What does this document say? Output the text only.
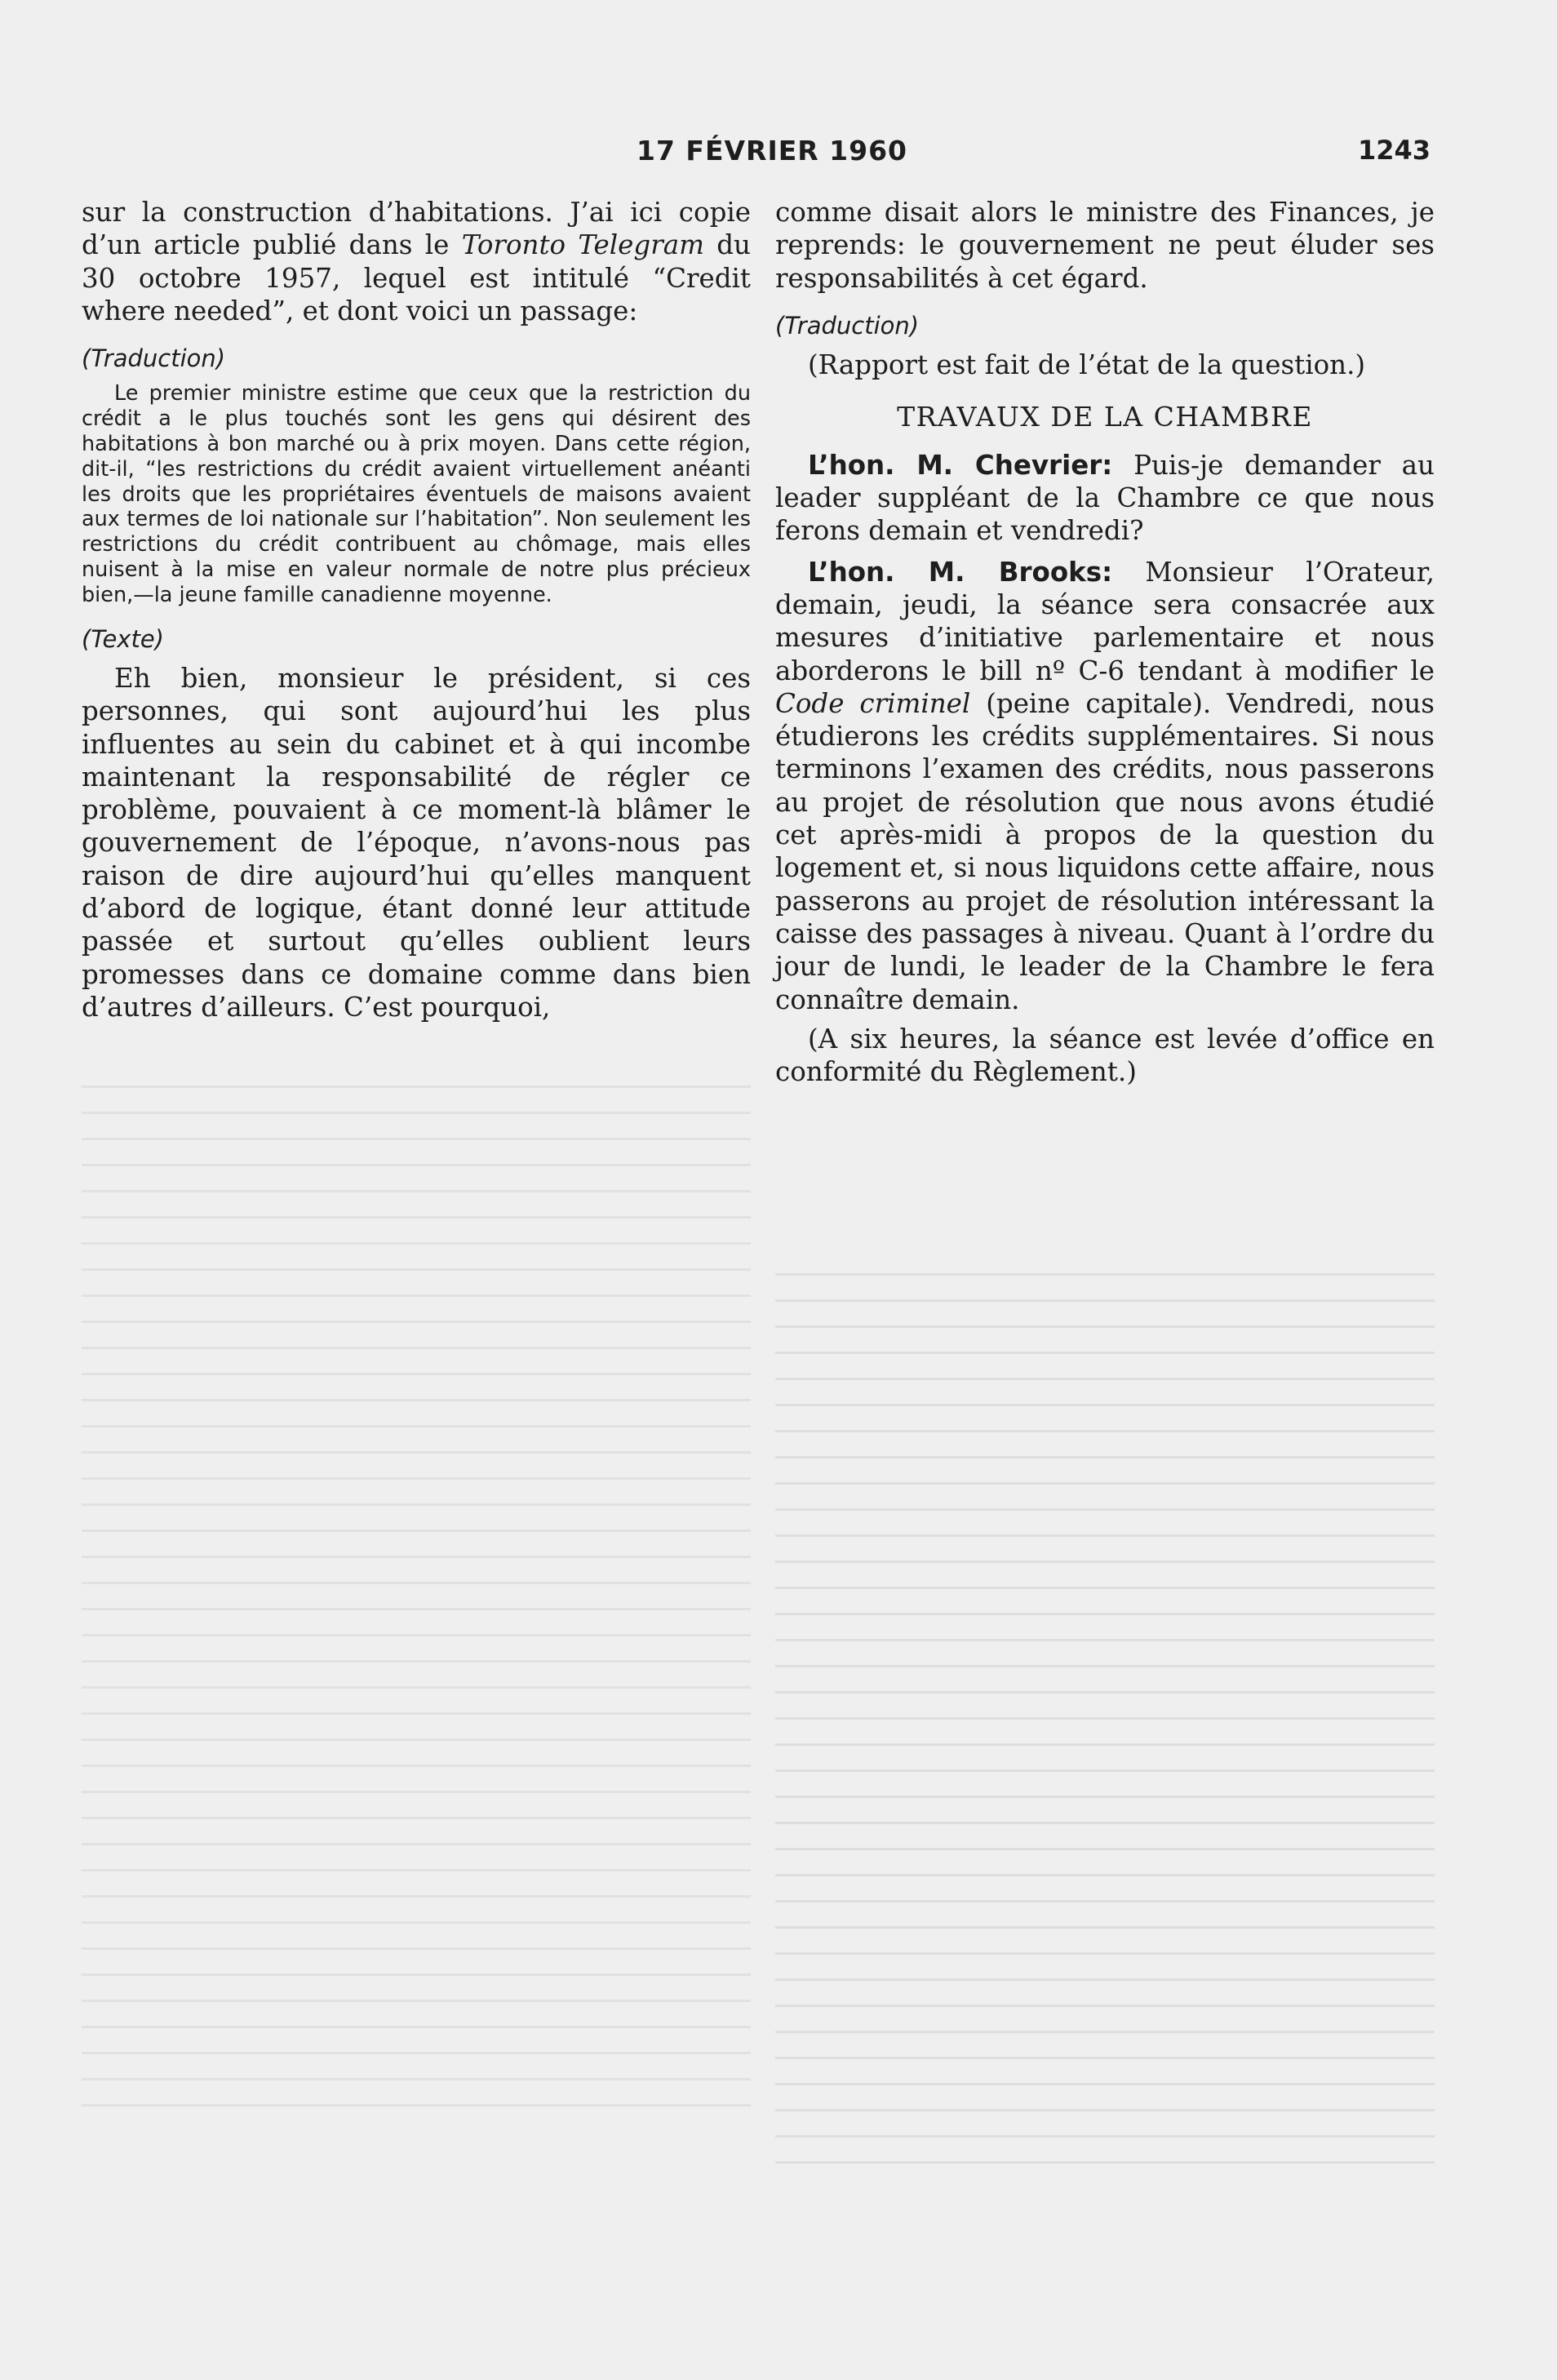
17 FÉVRIER 1960	1243

sur la construction d’habitations. J’ai ici copie d’un article publié dans le Toronto Telegram du 30 octobre 1957, lequel est intitulé “Credit where needed”, et dont voici un passage:

(Traduction)

Le premier ministre estime que ceux que la restriction du crédit a le plus touchés sont les gens qui désirent des habitations à bon marché ou à prix moyen. Dans cette région, dit-il, “les restrictions du crédit avaient virtuellement anéanti les droits que les propriétaires éventuels de maisons avaient aux termes de loi nationale sur l’habitation”. Non seulement les restrictions du crédit contribuent au chômage, mais elles nuisent à la mise en valeur normale de notre plus précieux bien,—la jeune famille canadienne moyenne.

(Texte)

Eh bien, monsieur le président, si ces personnes, qui sont aujourd’hui les plus influentes au sein du cabinet et à qui incombe maintenant la responsabilité de régler ce problème, pouvaient à ce moment-là blâmer le gouvernement de l’époque, n’avons-nous pas raison de dire aujourd’hui qu’elles manquent d’abord de logique, étant donné leur attitude passée et surtout qu’elles oublient leurs promesses dans ce domaine comme dans bien d’autres d’ailleurs. C’est pourquoi,

comme disait alors le ministre des Finances, je reprends: le gouvernement ne peut éluder ses responsabilités à cet égard.

(Traduction)

(Rapport est fait de l’état de la question.)

TRAVAUX DE LA CHAMBRE

L’hon. M. Chevrier: Puis-je demander au leader suppléant de la Chambre ce que nous ferons demain et vendredi?

L’hon. M. Brooks: Monsieur l’Orateur, demain, jeudi, la séance sera consacrée aux mesures d’initiative parlementaire et nous aborderons le bill nº C-6 tendant à modifier le Code criminel (peine capitale). Vendredi, nous étudierons les crédits supplémentaires. Si nous terminons l’examen des crédits, nous passerons au projet de résolution que nous avons étudié cet après-midi à propos de la question du logement et, si nous liquidons cette affaire, nous passerons au projet de résolution intéressant la caisse des passages à niveau. Quant à l’ordre du jour de lundi, le leader de la Chambre le fera connaître demain.

(A six heures, la séance est levée d’office en conformité du Règlement.)
